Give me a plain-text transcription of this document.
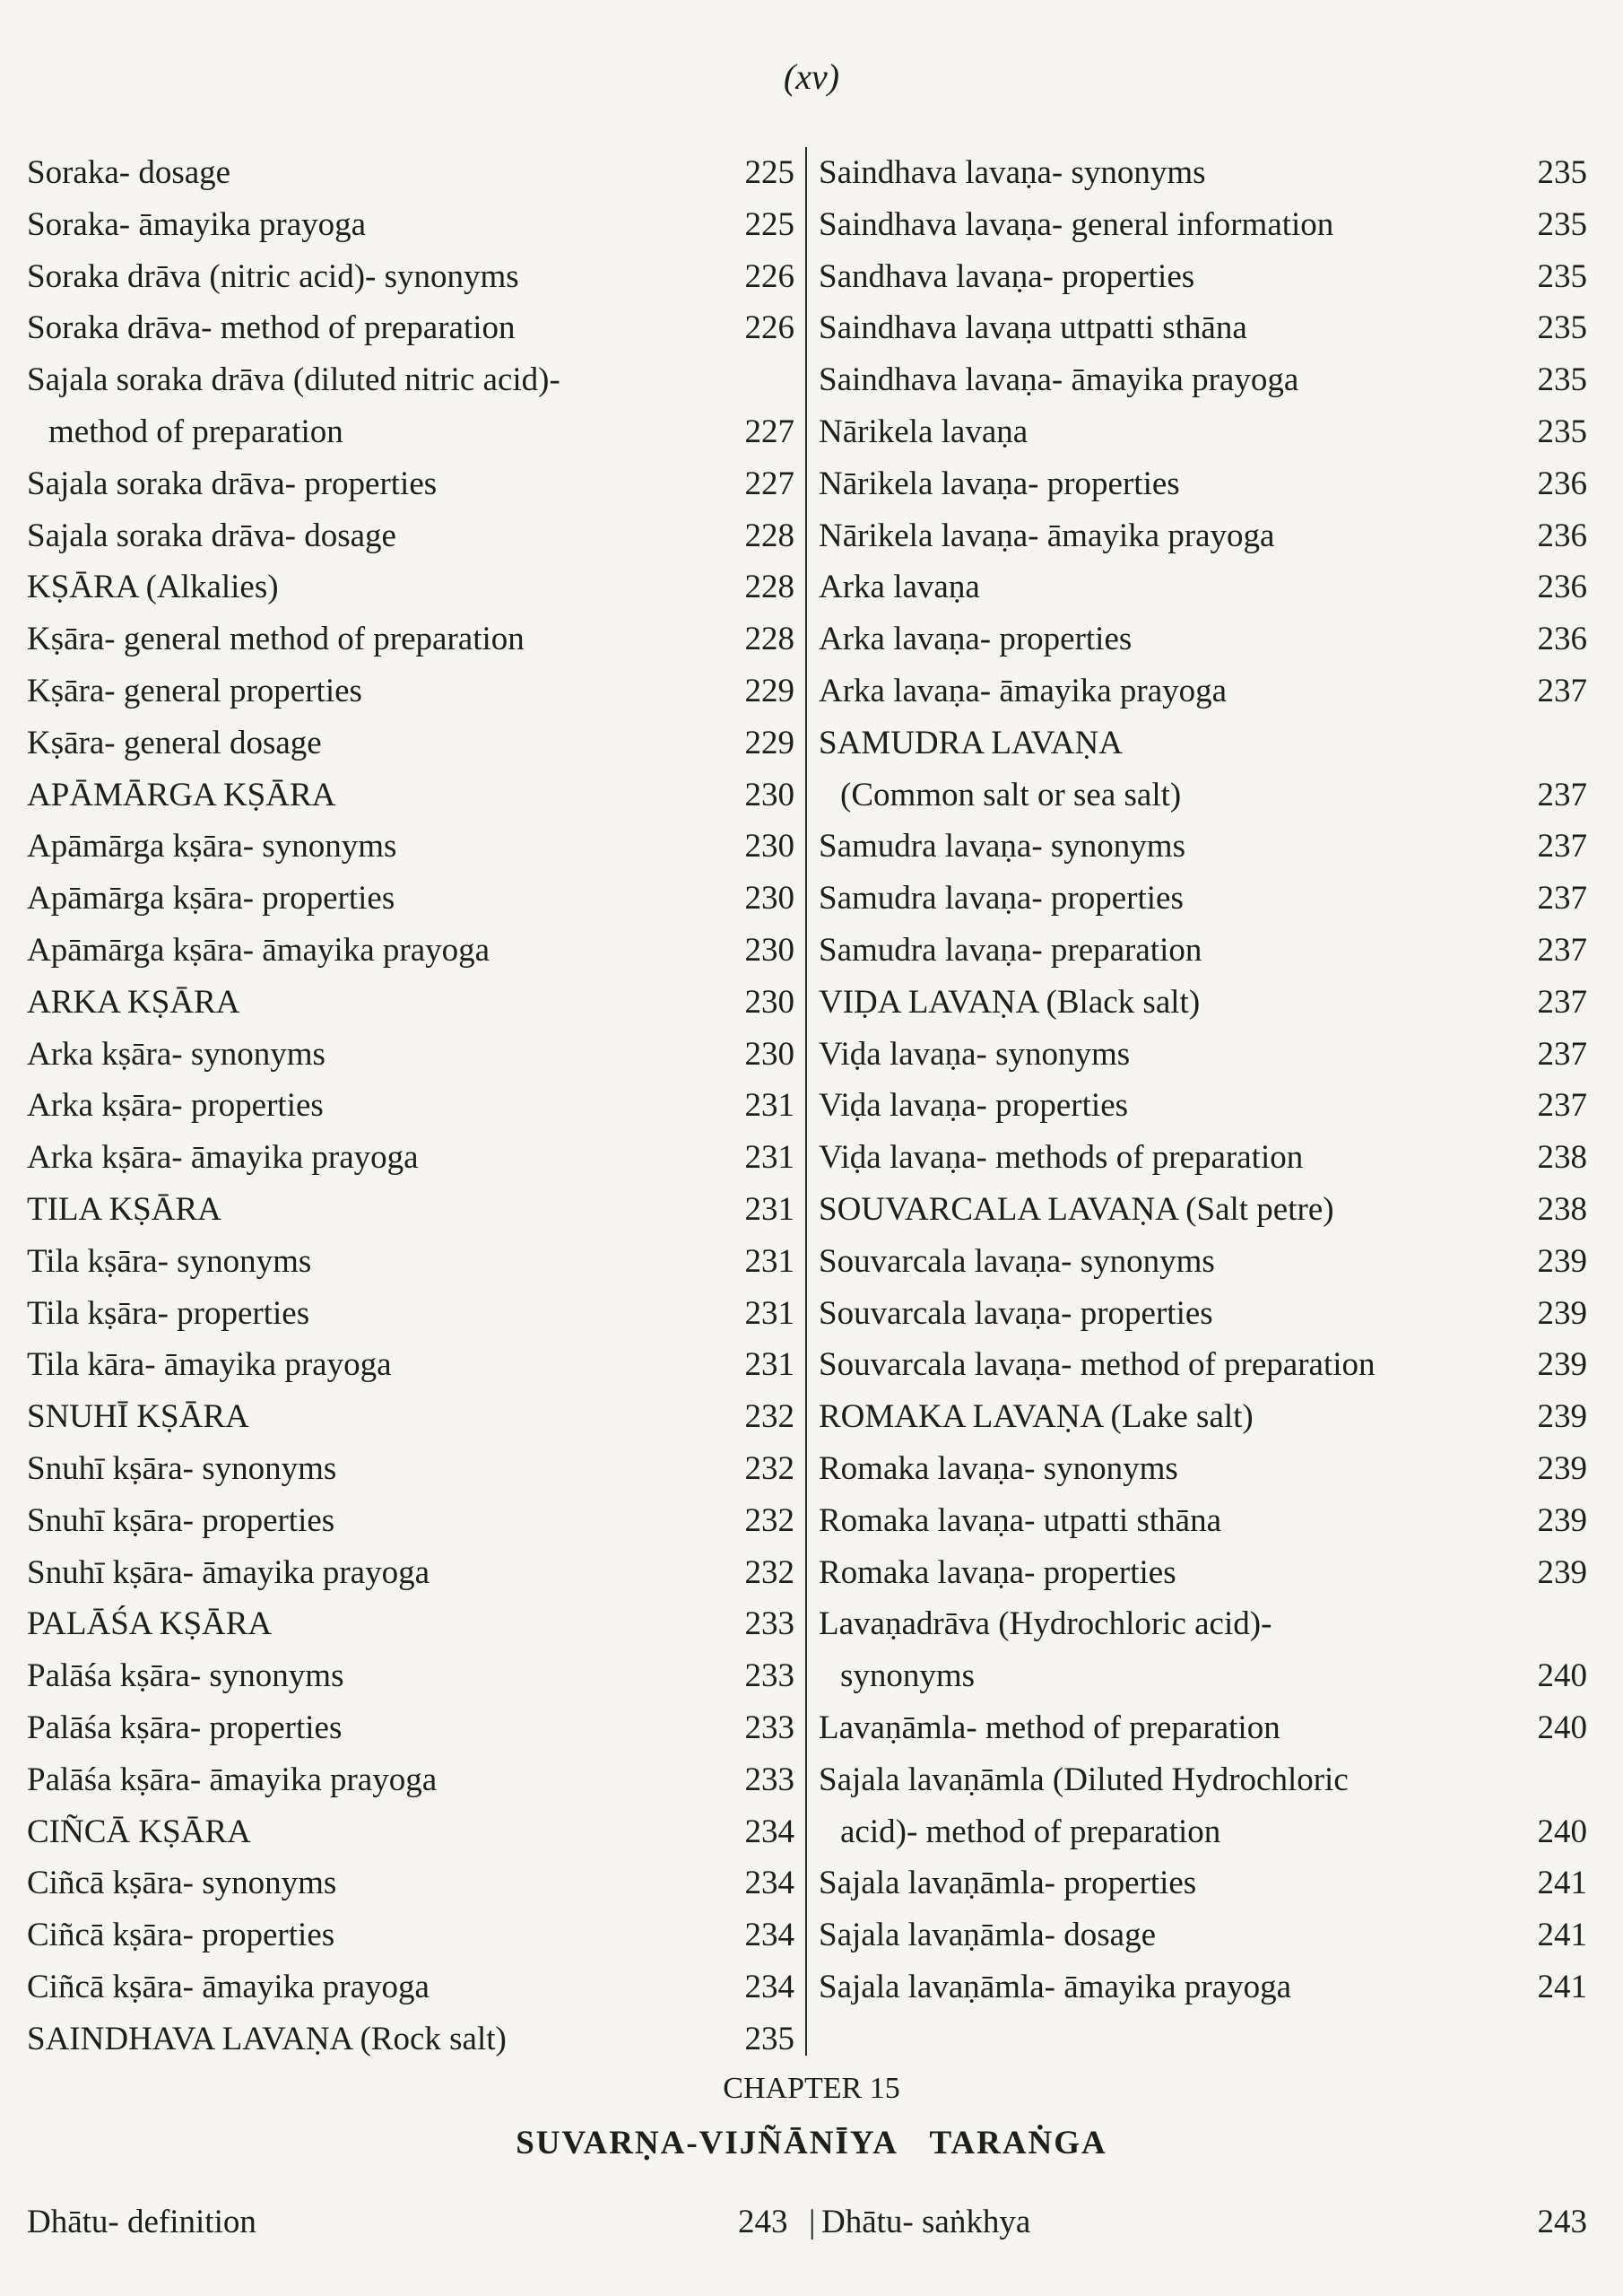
(xv)
Soraka- dosage	225
Soraka- āmayika prayoga	225
Soraka drāva (nitric acid)- synonyms	226
Soraka drāva- method of preparation	226
Sajala soraka drāva (diluted nitric acid)-
method of preparation	227
Sajala soraka drāva- properties	227
Sajala soraka drāva- dosage	228
KṢĀRA (Alkalies)	228
Kṣāra- general method of preparation	228
Kṣāra- general properties	229
Kṣāra- general dosage	229
APĀMĀRGA KṢĀRA	230
Apāmārga kṣāra- synonyms	230
Apāmārga kṣāra- properties	230
Apāmārga kṣāra- āmayika prayoga	230
ARKA KṢĀRA	230
Arka kṣāra- synonyms	230
Arka kṣāra- properties	231
Arka kṣāra- āmayika prayoga	231
TILA KṢĀRA	231
Tila kṣāra- synonyms	231
Tila kṣāra- properties	231
Tila kāra- āmayika prayoga	231
SNUHĪ KṢĀRA	232
Snuhī kṣāra- synonyms	232
Snuhī kṣāra- properties	232
Snuhī kṣāra- āmayika prayoga	232
PALĀŚA KṢĀRA	233
Palāśa kṣāra- synonyms	233
Palāśa kṣāra- properties	233
Palāśa kṣāra- āmayika prayoga	233
CIÑCĀ KṢĀRA	234
Ciñcā kṣāra- synonyms	234
Ciñcā kṣāra- properties	234
Ciñcā kṣāra- āmayika prayoga	234
SAINDHAVA LAVAṆA (Rock salt)	235
Saindhava lavaṇa- synonyms	235
Saindhava lavaṇa- general information	235
Sandhava lavaṇa- properties	235
Saindhava lavaṇa uttpatti sthāna	235
Saindhava lavaṇa- āmayika prayoga	235
Nārikela lavaṇa	235
Nārikela lavaṇa- properties	236
Nārikela lavaṇa- āmayika prayoga	236
Arka lavaṇa	236
Arka lavaṇa- properties	236
Arka lavaṇa- āmayika prayoga	237
SAMUDRA LAVAṆA
(Common salt or sea salt)	237
Samudra lavaṇa- synonyms	237
Samudra lavaṇa- properties	237
Samudra lavaṇa- preparation	237
VIḌA LAVAṆA (Black salt)	237
Viḍa lavaṇa- synonyms	237
Viḍa lavaṇa- properties	237
Viḍa lavaṇa- methods of preparation	238
SOUVARCALA LAVAṆA (Salt petre)	238
Souvarcala lavaṇa- synonyms	239
Souvarcala lavaṇa- properties	239
Souvarcala lavaṇa- method of preparation	239
ROMAKA LAVAṆA (Lake salt)	239
Romaka lavaṇa- synonyms	239
Romaka lavaṇa- utpatti sthāna	239
Romaka lavaṇa- properties	239
Lavaṇadrāva (Hydrochloric acid)-
synonyms	240
Lavaṇāmla- method of preparation	240
Sajala lavaṇāmla (Diluted Hydrochloric
acid)- method of preparation	240
Sajala lavaṇāmla- properties	241
Sajala lavaṇāmla- dosage	241
Sajala lavaṇāmla- āmayika prayoga	241
CHAPTER 15
SUVARṆA-VIJÑĀNĪYA TARAṄGA
Dhātu- definition	243 | Dhātu- saṅkhya	243
